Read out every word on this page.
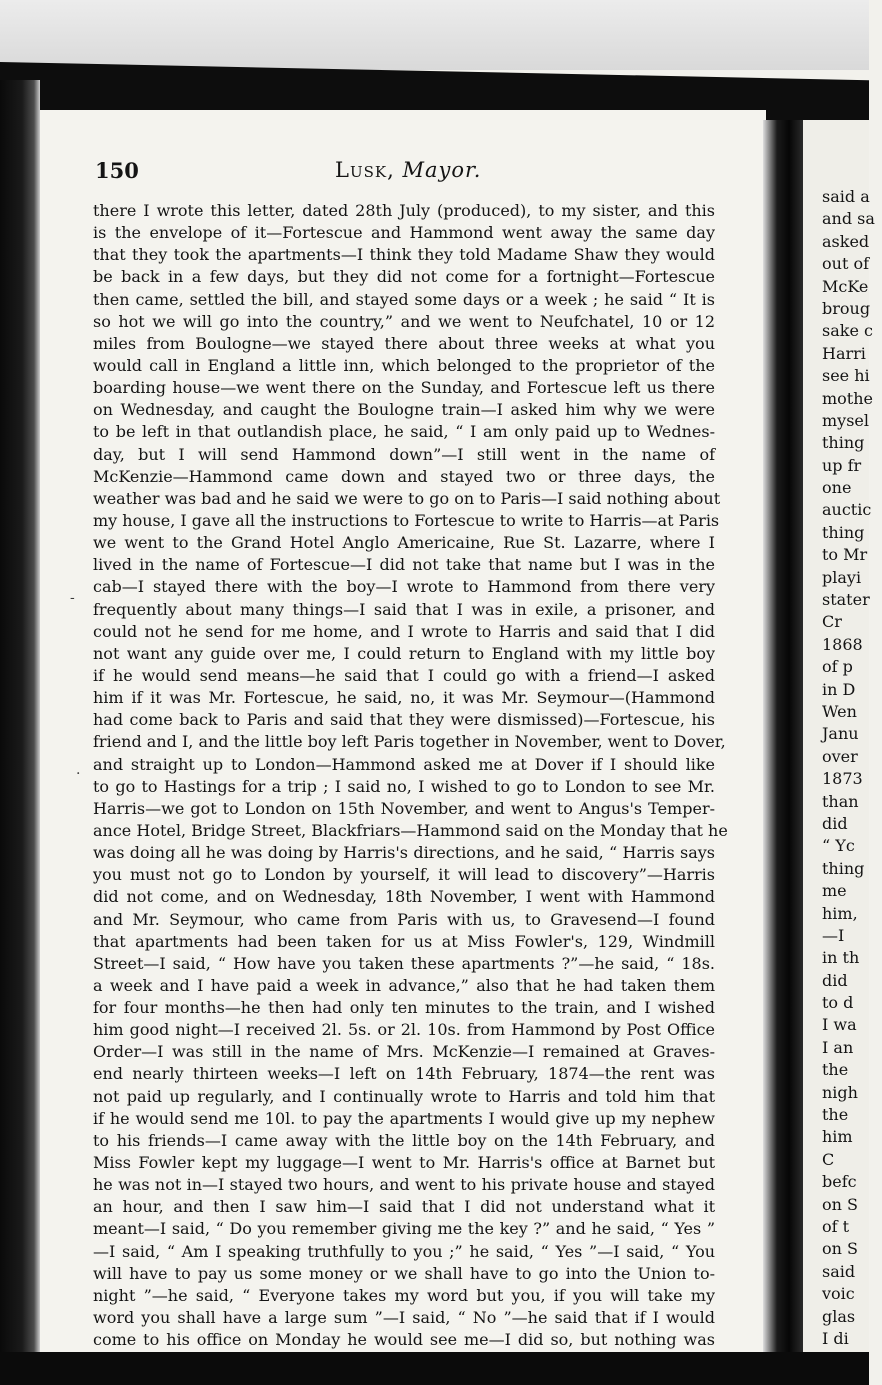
150	Lusk, Mayor.
there I wrote this letter, dated 28th July (produced), to my sister, and this
is the envelope of it—Fortescue and Hammond went away the same day
that they took the apartments—I think they told Madame Shaw they would
be back in a few days, but they did not come for a fortnight—Fortescue
then came, settled the bill, and stayed some days or a week ; he said “ It is
so hot we will go into the country,” and we went to Neufchatel, 10 or 12
miles from Boulogne—we stayed there about three weeks at what you
would call in England a little inn, which belonged to the proprietor of the
boarding house—we went there on the Sunday, and Fortescue left us there
on Wednesday, and caught the Boulogne train—I asked him why we were
to be left in that outlandish place, he said, “ I am only paid up to Wednes-
day, but I will send Hammond down”—I still went in the name of
McKenzie—Hammond came down and stayed two or three days, the
weather was bad and he said we were to go on to Paris—I said nothing about
my house, I gave all the instructions to Fortescue to write to Harris—at Paris
we went to the Grand Hotel Anglo Americaine, Rue St. Lazarre, where I
lived in the name of Fortescue—I did not take that name but I was in the
cab—I stayed there with the boy—I wrote to Hammond from there very
frequently about many things—I said that I was in exile, a prisoner, and
could not he send for me home, and I wrote to Harris and said that I did
not want any guide over me, I could return to England with my little boy
if he would send means—he said that I could go with a friend—I asked
him if it was Mr. Fortescue, he said, no, it was Mr. Seymour—(Hammond
had come back to Paris and said that they were dismissed)—Fortescue, his
friend and I, and the little boy left Paris together in November, went to Dover,
and straight up to London—Hammond asked me at Dover if I should like
to go to Hastings for a trip ; I said no, I wished to go to London to see Mr.
Harris—we got to London on 15th November, and went to Angus's Temper-
ance Hotel, Bridge Street, Blackfriars—Hammond said on the Monday that he
was doing all he was doing by Harris's directions, and he said, “ Harris says
you must not go to London by yourself, it will lead to discovery”—Harris
did not come, and on Wednesday, 18th November, I went with Hammond
and Mr. Seymour, who came from Paris with us, to Gravesend—I found
that apartments had been taken for us at Miss Fowler's, 129, Windmill
Street—I said, “ How have you taken these apartments ?”—he said, “ 18s.
a week and I have paid a week in advance,” also that he had taken them
for four months—he then had only ten minutes to the train, and I wished
him good night—I received 2l. 5s. or 2l. 10s. from Hammond by Post Office
Order—I was still in the name of Mrs. McKenzie—I remained at Graves-
end nearly thirteen weeks—I left on 14th February, 1874—the rent was
not paid up regularly, and I continually wrote to Harris and told him that
if he would send me 10l. to pay the apartments I would give up my nephew
to his friends—I came away with the little boy on the 14th February, and
Miss Fowler kept my luggage—I went to Mr. Harris's office at Barnet but
he was not in—I stayed two hours, and went to his private house and stayed
an hour, and then I saw him—I said that I did not understand what it
meant—I said, “ Do you remember giving me the key ?” and he said, “ Yes ”
—I said, “ Am I speaking truthfully to you ;” he said, “ Yes ”—I said, “ You
will have to pay us some money or we shall have to go into the Union to-
night ”—he said, “ Everyone takes my word but you, if you will take my
word you shall have a large sum ”—I said, “ No ”—he said that if I would
come to his office on Monday he would see me—I did so, but nothing was
said a
and sa
asked
out of
McKe
broug
sake c
Harri
see hi
mothe
mysel
thing
up fr
one
auctic
thing
to Mr
playi
stater
Cr
1868
of p
in D
Wen
Janu
over
1873
than
did
“ Yc
thing
me
him,
—I
in th
did
to d
I wa
I an
the
nigh
the
him
C
befc
on S
of t
on S
said
voic
glas
I di
-
.
